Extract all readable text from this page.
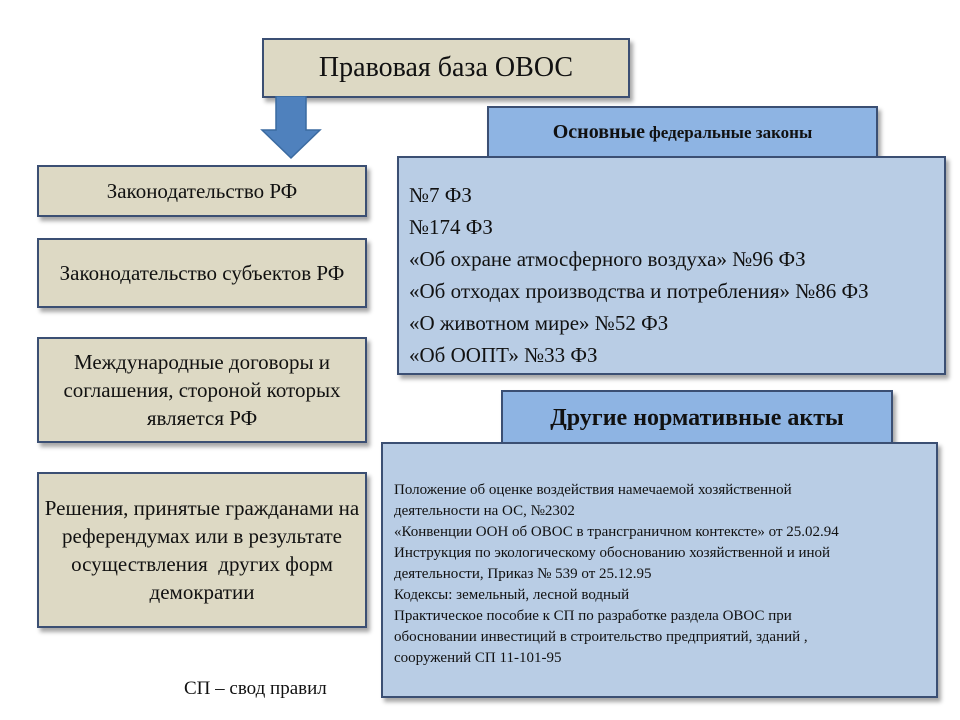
Правовая база ОВОС
Законодательство РФ
Законодательство субъектов РФ
Международные договоры и соглашения, стороной которых является РФ
Решения, принятые гражданами на референдумах или в результате осуществления  других форм демократии
Основные федеральные законы
№7 ФЗ
№174 ФЗ
«Об охране атмосферного воздуха» №96 ФЗ
«Об отходах производства и потребления» №86 ФЗ
«О животном мире» №52 ФЗ
«Об ООПТ» №33 ФЗ
Другие нормативные акты
Положение об оценке воздействия намечаемой хозяйственной
деятельности на ОС, №2302
«Конвенции ООН об ОВОС в трансграничном контексте» от 25.02.94
Инструкция по экологическому обоснованию хозяйственной и иной
деятельности, Приказ № 539 от 25.12.95
Кодексы: земельный, лесной водный
Практическое пособие к СП по разработке раздела ОВОС при
обосновании инвестиций в строительство предприятий, зданий ,
сооружений СП 11-101-95
СП – свод правил
